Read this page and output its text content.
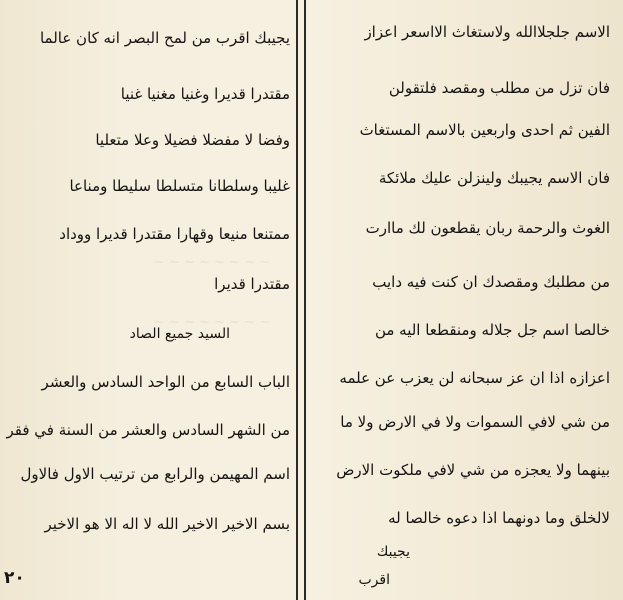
~ ~ ~ ~ ~ ~ ~ ~
~ ~ ~ ~ ~ ~ ~ ~
الاسم جلجلاالله ولاستغاث الااسعر اعزاز
فان تزل من مطلب ومقصد فلتقولن
الفين ثم احدى واربعين بالاسم المستغاث
فان الاسم يجيبك ولينزلن عليك ملائكة
الغوث والرحمة ربان يقطعون لك ماارت
من مطلبك ومقصدك ان كنت فيه دايب
خالصا اسم جل جلاله ومنقطعا اليه من
اعزازه اذا ان عز سبحانه لن يعزب عن علمه
من شي لافي السموات ولا في الارض ولا ما
بينهما ولا يعجزه من شي لافي ملكوت الارض
لالخلق وما دونهما اذا دعوه خالصا له
يجيبك
اقرب
يجيبك اقرب من لمح البصر انه كان عالما
مقتدرا قديرا وغنيا مغنيا غنيا
وفضا لا مفضلا فضيلا وعلا متعليا
غليبا وسلطانا متسلطا سليطا ومناعا
ممتنعا منيعا وقهارا مقتدرا قديرا ووداد
مقتدرا قديرا
السيد جميع الصاد
الباب السابع من الواحد السادس والعشر
من الشهر السادس والعشر من السنة في فقر
اسم المهيمن والرابع من ترتيب الاول فالاول
بسم الاخير الاخير الله لا اله الا هو الاخير
٢٠
